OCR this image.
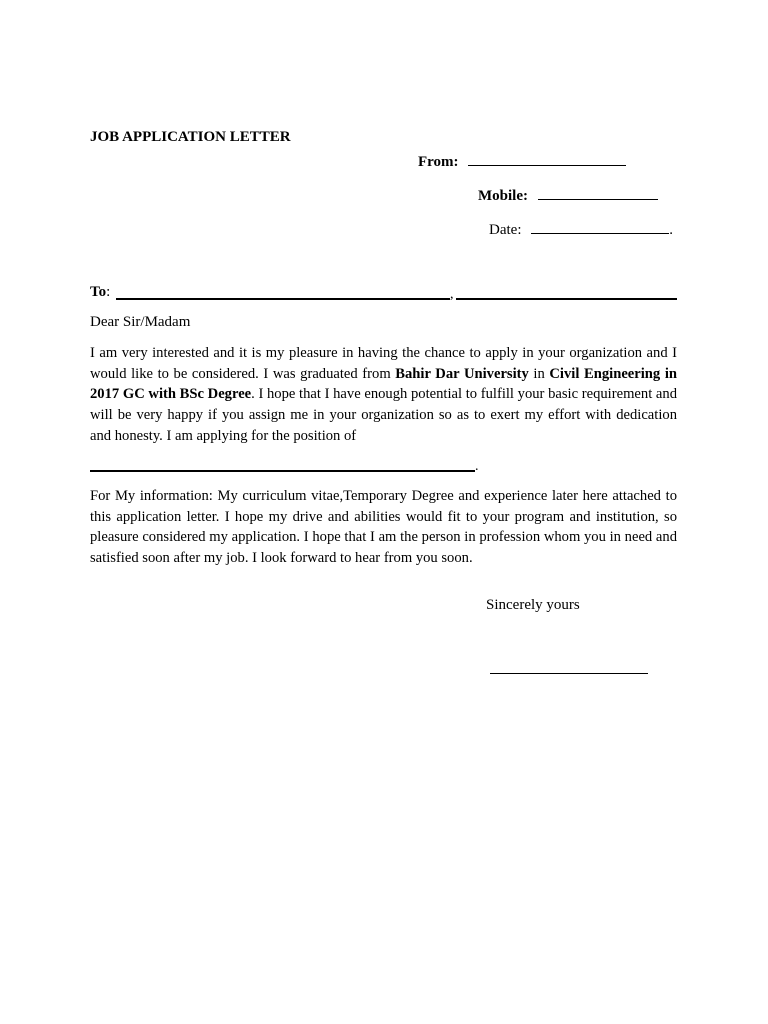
JOB APPLICATION LETTER
From:
Mobile:
Date:	.
To:	,
Dear Sir/Madam
I am very interested and it is my pleasure in having the chance to apply in your organization and I would like to be considered. I was graduated from Bahir Dar University in Civil Engineering in 2017 GC with BSc Degree. I hope that I have enough potential to fulfill your basic requirement and will be very happy if you assign me in your organization so as to exert my effort with dedication and honesty. I am applying for the position of
.
For My information: My curriculum vitae,Temporary Degree and experience later here attached to this application letter. I hope my drive and abilities would fit to your program and institution, so pleasure considered my application. I hope that I am the person in profession whom you in need and satisfied soon after my job. I look forward to hear from you soon.
Sincerely yours
